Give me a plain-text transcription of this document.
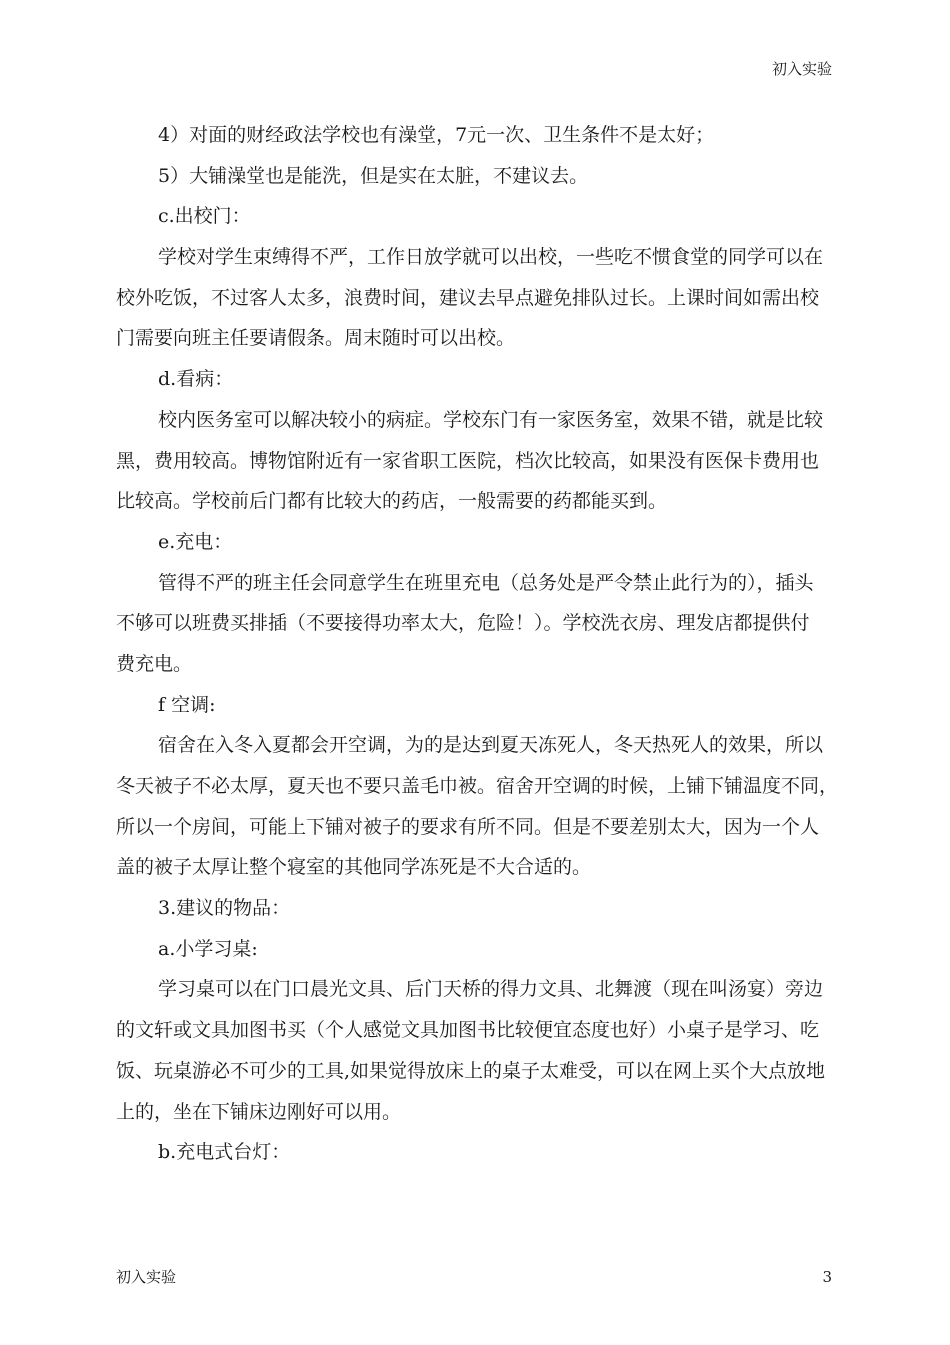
初入实验
4）对面的财经政法学校也有澡堂，7元一次、卫生条件不是太好；
5）大铺澡堂也是能洗，但是实在太脏，不建议去。
c.出校门：
学校对学生束缚得不严，工作日放学就可以出校，一些吃不惯食堂的同学可以在
校外吃饭，不过客人太多，浪费时间，建议去早点避免排队过长。上课时间如需出校
门需要向班主任要请假条。周末随时可以出校。
d.看病：
校内医务室可以解决较小的病症。学校东门有一家医务室，效果不错，就是比较
黑，费用较高。博物馆附近有一家省职工医院，档次比较高，如果没有医保卡费用也
比较高。学校前后门都有比较大的药店，一般需要的药都能买到。
e.充电：
管得不严的班主任会同意学生在班里充电（总务处是严令禁止此行为的），插头
不够可以班费买排插（不要接得功率太大，危险！）。学校洗衣房、理发店都提供付
费充电。
f 空调:
宿舍在入冬入夏都会开空调，为的是达到夏天冻死人，冬天热死人的效果，所以
冬天被子不必太厚，夏天也不要只盖毛巾被。宿舍开空调的时候，上铺下铺温度不同，
所以一个房间，可能上下铺对被子的要求有所不同。但是不要差别太大，因为一个人
盖的被子太厚让整个寝室的其他同学冻死是不大合适的。
3.建议的物品：
a.小学习桌:
学习桌可以在门口晨光文具、后门天桥的得力文具、北舞渡（现在叫汤宴）旁边
的文轩或文具加图书买（个人感觉文具加图书比较便宜态度也好）小桌子是学习、吃
饭、玩桌游必不可少的工具,如果觉得放床上的桌子太难受，可以在网上买个大点放地
上的，坐在下铺床边刚好可以用。
b.充电式台灯：
初入实验	3
